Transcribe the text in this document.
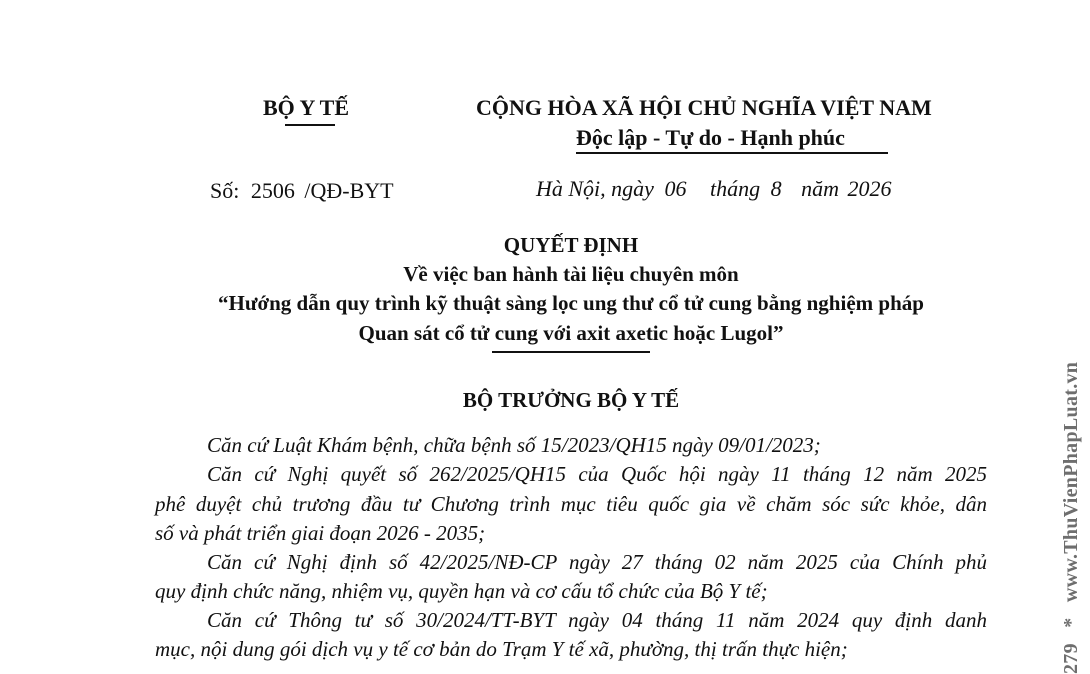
BỘ Y TẾ	CỘNG HÒA XÃ HỘI CHỦ NGHĨA VIỆT NAM
Độc lập - Tự do - Hạnh phúc
Số: 2506 /QĐ-BYT	Hà Nội, ngày 06 tháng 8 năm 2026
QUYẾT ĐỊNH
Về việc ban hành tài liệu chuyên môn
“Hướng dẫn quy trình kỹ thuật sàng lọc ung thư cổ tử cung bằng nghiệm pháp
Quan sát cổ tử cung với axit axetic hoặc Lugol”
BỘ TRƯỞNG BỘ Y TẾ
Căn cứ Luật Khám bệnh, chữa bệnh số 15/2023/QH15 ngày 09/01/2023;
Căn cứ Nghị quyết số 262/2025/QH15 của Quốc hội ngày 11 tháng 12 năm 2025
phê duyệt chủ trương đầu tư Chương trình mục tiêu quốc gia về chăm sóc sức khỏe, dân
số và phát triển giai đoạn 2026 - 2035;
Căn cứ Nghị định số 42/2025/NĐ-CP ngày 27 tháng 02 năm 2025 của Chính phủ
quy định chức năng, nhiệm vụ, quyền hạn và cơ cấu tổ chức của Bộ Y tế;
Căn cứ Thông tư số 30/2024/TT-BYT ngày 04 tháng 11 năm 2024 quy định danh
mục, nội dung gói dịch vụ y tế cơ bản do Trạm Y tế xã, phường, thị trấn thực hiện;	279 * www.ThuVienPhapLuat.vn
